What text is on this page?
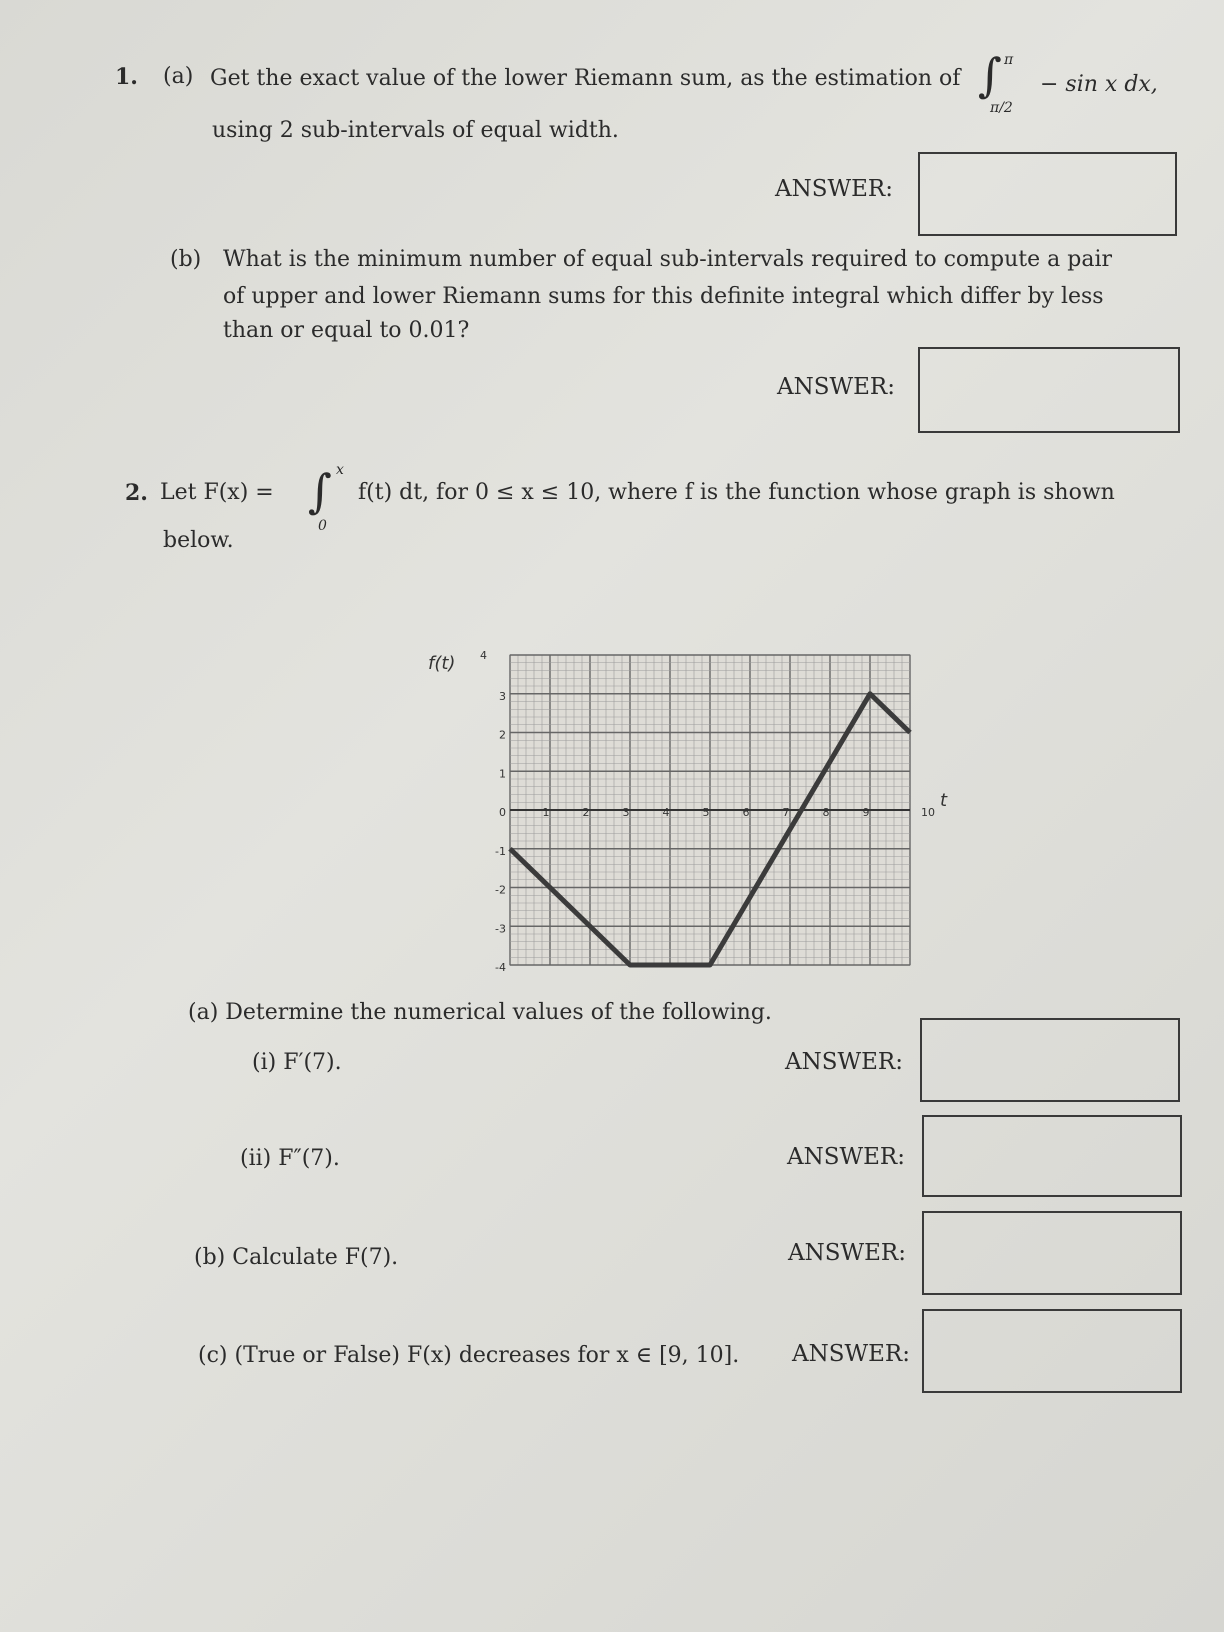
1. (a) Get the exact value of the lower Riemann sum, as the estimation of ∫ π
π/2
− sin x dx,
using 2 sub-intervals of equal width.
ANSWER:
(b) What is the minimum number of equal sub-intervals required to compute a pair
of upper and lower Riemann sums for this definite integral which differ by less
than or equal to 0.01?
ANSWER:
2. Let F(x) = ∫ x
0
f(t) dt, for 0 ≤ x ≤ 10, where f is the function whose graph is shown
below.
3
2
1
0
-1
-2
-3
-4
4
1	2	3	4	5	6	7	8	9	10
f(t)
t
(a) Determine the numerical values of the following.
(i) F′(7).	ANSWER:
(ii) F″(7).	ANSWER:
(b) Calculate F(7).	ANSWER:
(c) (True or False) F(x) decreases for x ∈ [9, 10]. ANSWER:
